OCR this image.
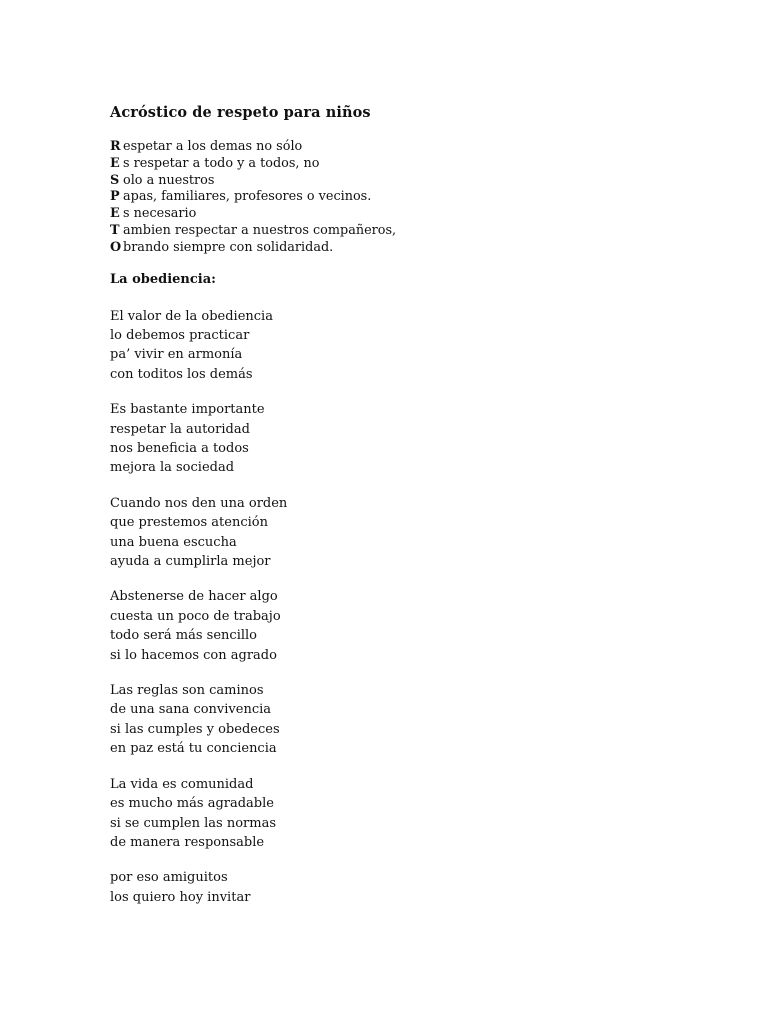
Acróstico de respeto para niños
R espetar a los demas no sólo
E s respetar a todo y a todos, no
S olo a nuestros
P apas, familiares, profesores o vecinos.
E s necesario
T ambien respectar a nuestros compañeros,
O brando siempre con solidaridad.
La obediencia:
El valor de la obediencia
lo debemos practicar
pa’ vivir en armonía
con toditos los demás
Es bastante importante
respetar la autoridad
nos beneficia a todos
mejora la sociedad
Cuando nos den una orden
que prestemos atención
una buena escucha
ayuda a cumplirla mejor
Abstenerse de hacer algo
cuesta un poco de trabajo
todo será más sencillo
si lo hacemos con agrado
Las reglas son caminos
de una sana convivencia
si las cumples y obedeces
en paz está tu conciencia
La vida es comunidad
es mucho más agradable
si se cumplen las normas
de manera responsable
por eso amiguitos
los quiero hoy invitar
